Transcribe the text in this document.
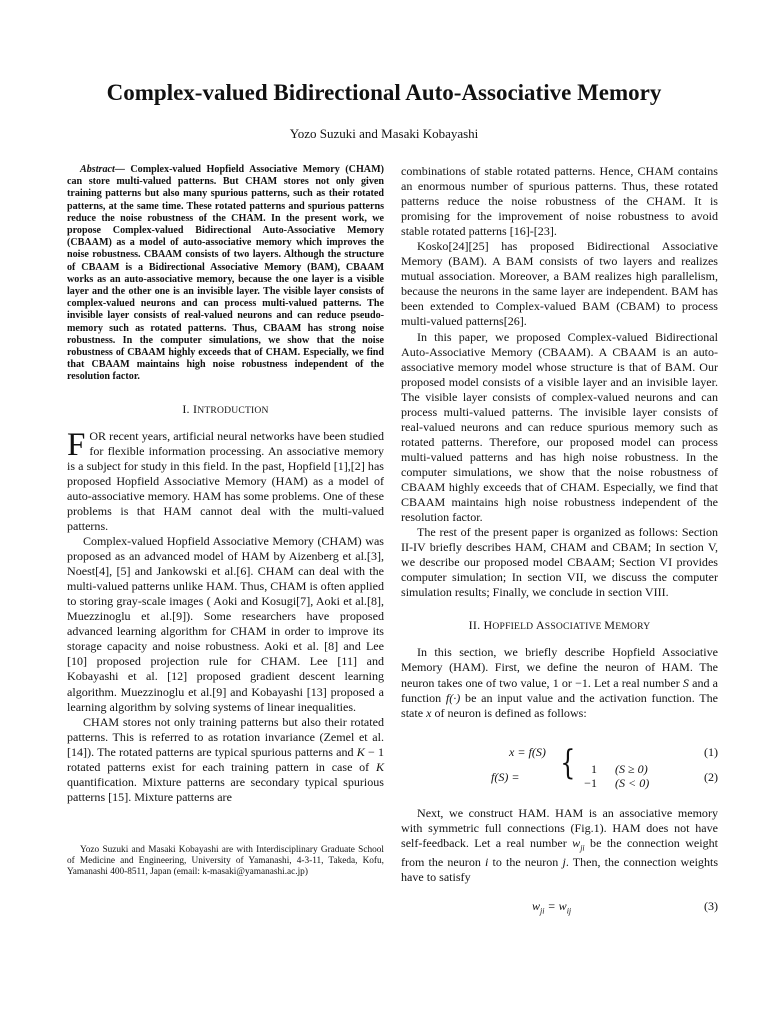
Complex-valued Bidirectional Auto-Associative Memory
Yozo Suzuki and Masaki Kobayashi

Abstract— Complex-valued Hopfield Associative Memory (CHAM) can store multi-valued patterns. But CHAM stores not only given training patterns but also many spurious patterns, such as their rotated patterns, at the same time. These rotated patterns and spurious patterns reduce the noise robustness of the CHAM. In the present work, we propose Complex-valued Bidirectional Auto-Associative Memory (CBAAM) as a model of auto-associative memory which improves the noise robustness. CBAAM consists of two layers. Although the structure of CBAAM is a Bidirectional Associative Memory (BAM), CBAAM works as an auto-associative memory, because the one layer is a visible layer and the other one is an invisible layer. The visible layer consists of complex-valued neurons and can process multi-valued patterns. The invisible layer consists of real-valued neurons and can reduce pseudo-memory such as rotated patterns. Thus, CBAAM has strong noise robustness. In the computer simulations, we show that the noise robustness of CBAAM highly exceeds that of CHAM. Especially, we find that CBAAM maintains high noise robustness independent of the resolution factor.

I. INTRODUCTION

FOR recent years, artificial neural networks have been studied for flexible information processing. An associative memory is a subject for study in this field. In the past, Hopfield [1],[2] has proposed Hopfield Associative Memory (HAM) as a model of auto-associative memory. HAM has some problems. One of these problems is that HAM cannot deal with the multi-valued patterns.

Complex-valued Hopfield Associative Memory (CHAM) was proposed as an advanced model of HAM by Aizenberg et al.[3], Noest[4], [5] and Jankowski et al.[6]. CHAM can deal with the multi-valued patterns unlike HAM. Thus, CHAM is often applied to storing gray-scale images ( Aoki and Kosugi[7], Aoki et al.[8], Muezzinoglu et al.[9]). Some researchers have proposed advanced learning algorithm for CHAM in order to improve its storage capacity and noise robustness. Aoki et al. [8] and Lee [10] proposed projection rule for CHAM. Lee [11] and Kobayashi et al. [12] proposed gradient descent learning algorithm. Muezzinoglu et al.[9] and Kobayashi [13] proposed a learning algorithm by solving systems of linear inequalities.

CHAM stores not only training patterns but also their rotated patterns. This is referred to as rotation invariance (Zemel et al.[14]). The rotated patterns are typical spurious patterns and K − 1 rotated patterns exist for each training pattern in case of K quantification. Mixture patterns are secondary typical spurious patterns [15]. Mixture patterns are

Yozo Suzuki and Masaki Kobayashi are with Interdisciplinary Graduate School of Medicine and Engineering, University of Yamanashi, 4-3-11, Takeda, Kofu, Yamanashi 400-8511, Japan (email: k-masaki@yamanashi.ac.jp)

combinations of stable rotated patterns. Hence, CHAM contains an enormous number of spurious patterns. Thus, these rotated patterns reduce the noise robustness of the CHAM. It is promising for the improvement of noise robustness to avoid stable rotated patterns [16]-[23].

Kosko[24][25] has proposed Bidirectional Associative Memory (BAM). A BAM consists of two layers and realizes mutual association. Moreover, a BAM realizes high parallelism, because the neurons in the same layer are independent. BAM has been extended to Complex-valued BAM (CBAM) to process multi-valued patterns[26].

In this paper, we proposed Complex-valued Bidirectional Auto-Associative Memory (CBAAM). A CBAAM is an auto-associative memory model whose structure is that of BAM. Our proposed model consists of a visible layer and an invisible layer. The visible layer consists of complex-valued neurons and can process multi-valued patterns. The invisible layer consists of real-valued neurons and can reduce spurious memory such as rotated patterns. Therefore, our proposed model can process multi-valued patterns and has high noise robustness. In the computer simulations, we show that the noise robustness of CBAAM highly exceeds that of CHAM. Especially, we find that CBAAM maintains high noise robustness independent of the resolution factor.

The rest of the present paper is organized as follows: Section II-IV briefly describes HAM, CHAM and CBAM; In section V, we describe our proposed model CBAAM; Section VI provides computer simulation; In section VII, we discuss the computer simulation results; Finally, we conclude in section VIII.

II. HOPFIELD ASSOCIATIVE MEMORY

In this section, we briefly describe Hopfield Associative Memory (HAM). First, we define the neuron of HAM. The neuron takes one of two value, 1 or −1. Let a real number S and a function f(·) be an input value and the activation function. The state x of neuron is defined as follows:

x = f(S)	(1)
f(S) = {	1 (S ≥ 0)
−1 (S < 0)	(2)

Next, we construct HAM. HAM is an associative memory with symmetric full connections (Fig.1). HAM does not have self-feedback. Let a real number $w_{ji}$ be the connection weight from the neuron i to the neuron j. Then, the connection weights have to satisfy

$w_{ji} = w_{ij}$	(3)
